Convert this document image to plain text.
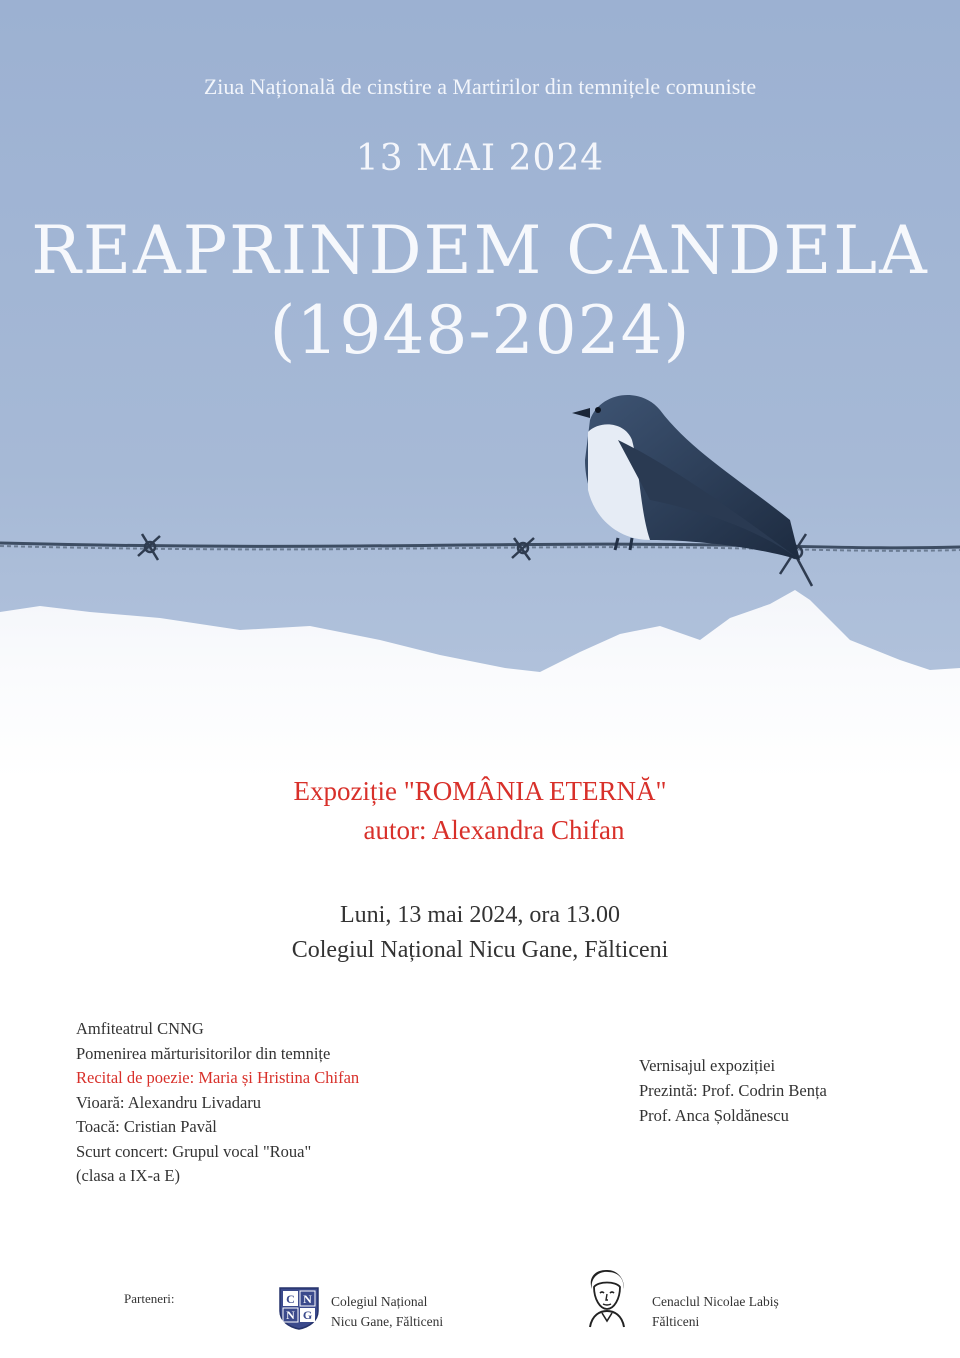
Ziua Națională de cinstire a Martirilor din temnițele comuniste
13 MAI 2024
REAPRINDEM CANDELA
(1948-2024)
Expoziție "ROMÂNIA ETERNĂ"
autor: Alexandra Chifan
Luni, 13 mai 2024, ora 13.00
Colegiul Național Nicu Gane, Fălticeni
Amfiteatrul CNNG
Pomenirea mărturisitorilor din temnițe
Recital de poezie: Maria și Hristina Chifan
Vioară: Alexandru Livadaru
Toacă: Cristian Pavăl
Scurt concert: Grupul vocal "Roua"
(clasa a IX-a E)
Vernisajul expoziției
Prezintă: Prof. Codrin Bența
Prof. Anca Șoldănescu
Parteneri:	C N
N G
Colegiul Național
Nicu Gane, Fălticeni
Cenaclul Nicolae Labiș
Fălticeni
